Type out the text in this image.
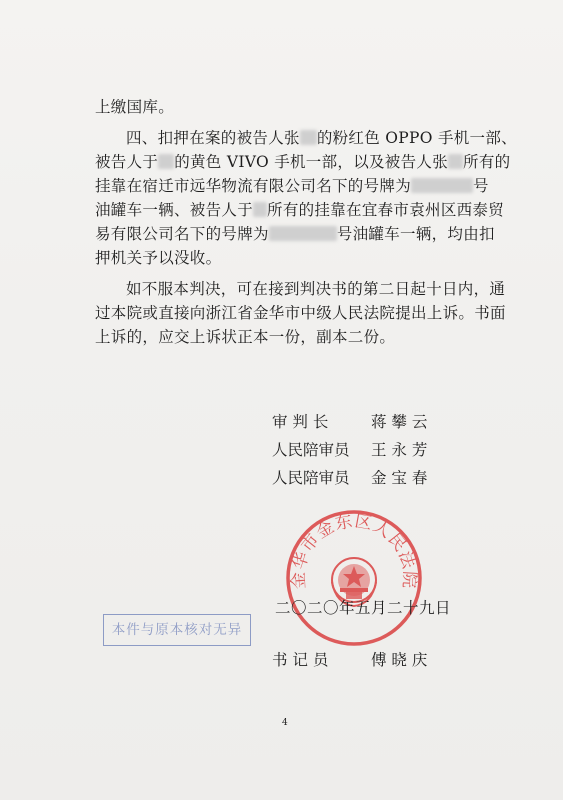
上缴国库。
四、扣押在案的被告人张 的粉红色 OPPO 手机一部、
被告人于 的黄色 VIVO 手机一部，以及被告人张 所有的
挂靠在宿迁市远华物流有限公司名下的号牌为	号
油罐车一辆、被告人于 所有的挂靠在宜春市袁州区西泰贸
易有限公司名下的号牌为	号油罐车一辆，均由扣
押机关予以没收。
如不服本判决，可在接到判决书的第二日起十日内，通
过本院或直接向浙江省金华市中级人民法院提出上诉。书面
上诉的，应交上诉状正本一份，副本二份。
审 判 长	蒋 攀 云
人民陪审员 王 永 芳
人民陪审员 金 宝 春
金华市金东区人民法院
二〇二〇年五月二十九日
本件与原本核对无异
书 记 员	傅 晓 庆
4
